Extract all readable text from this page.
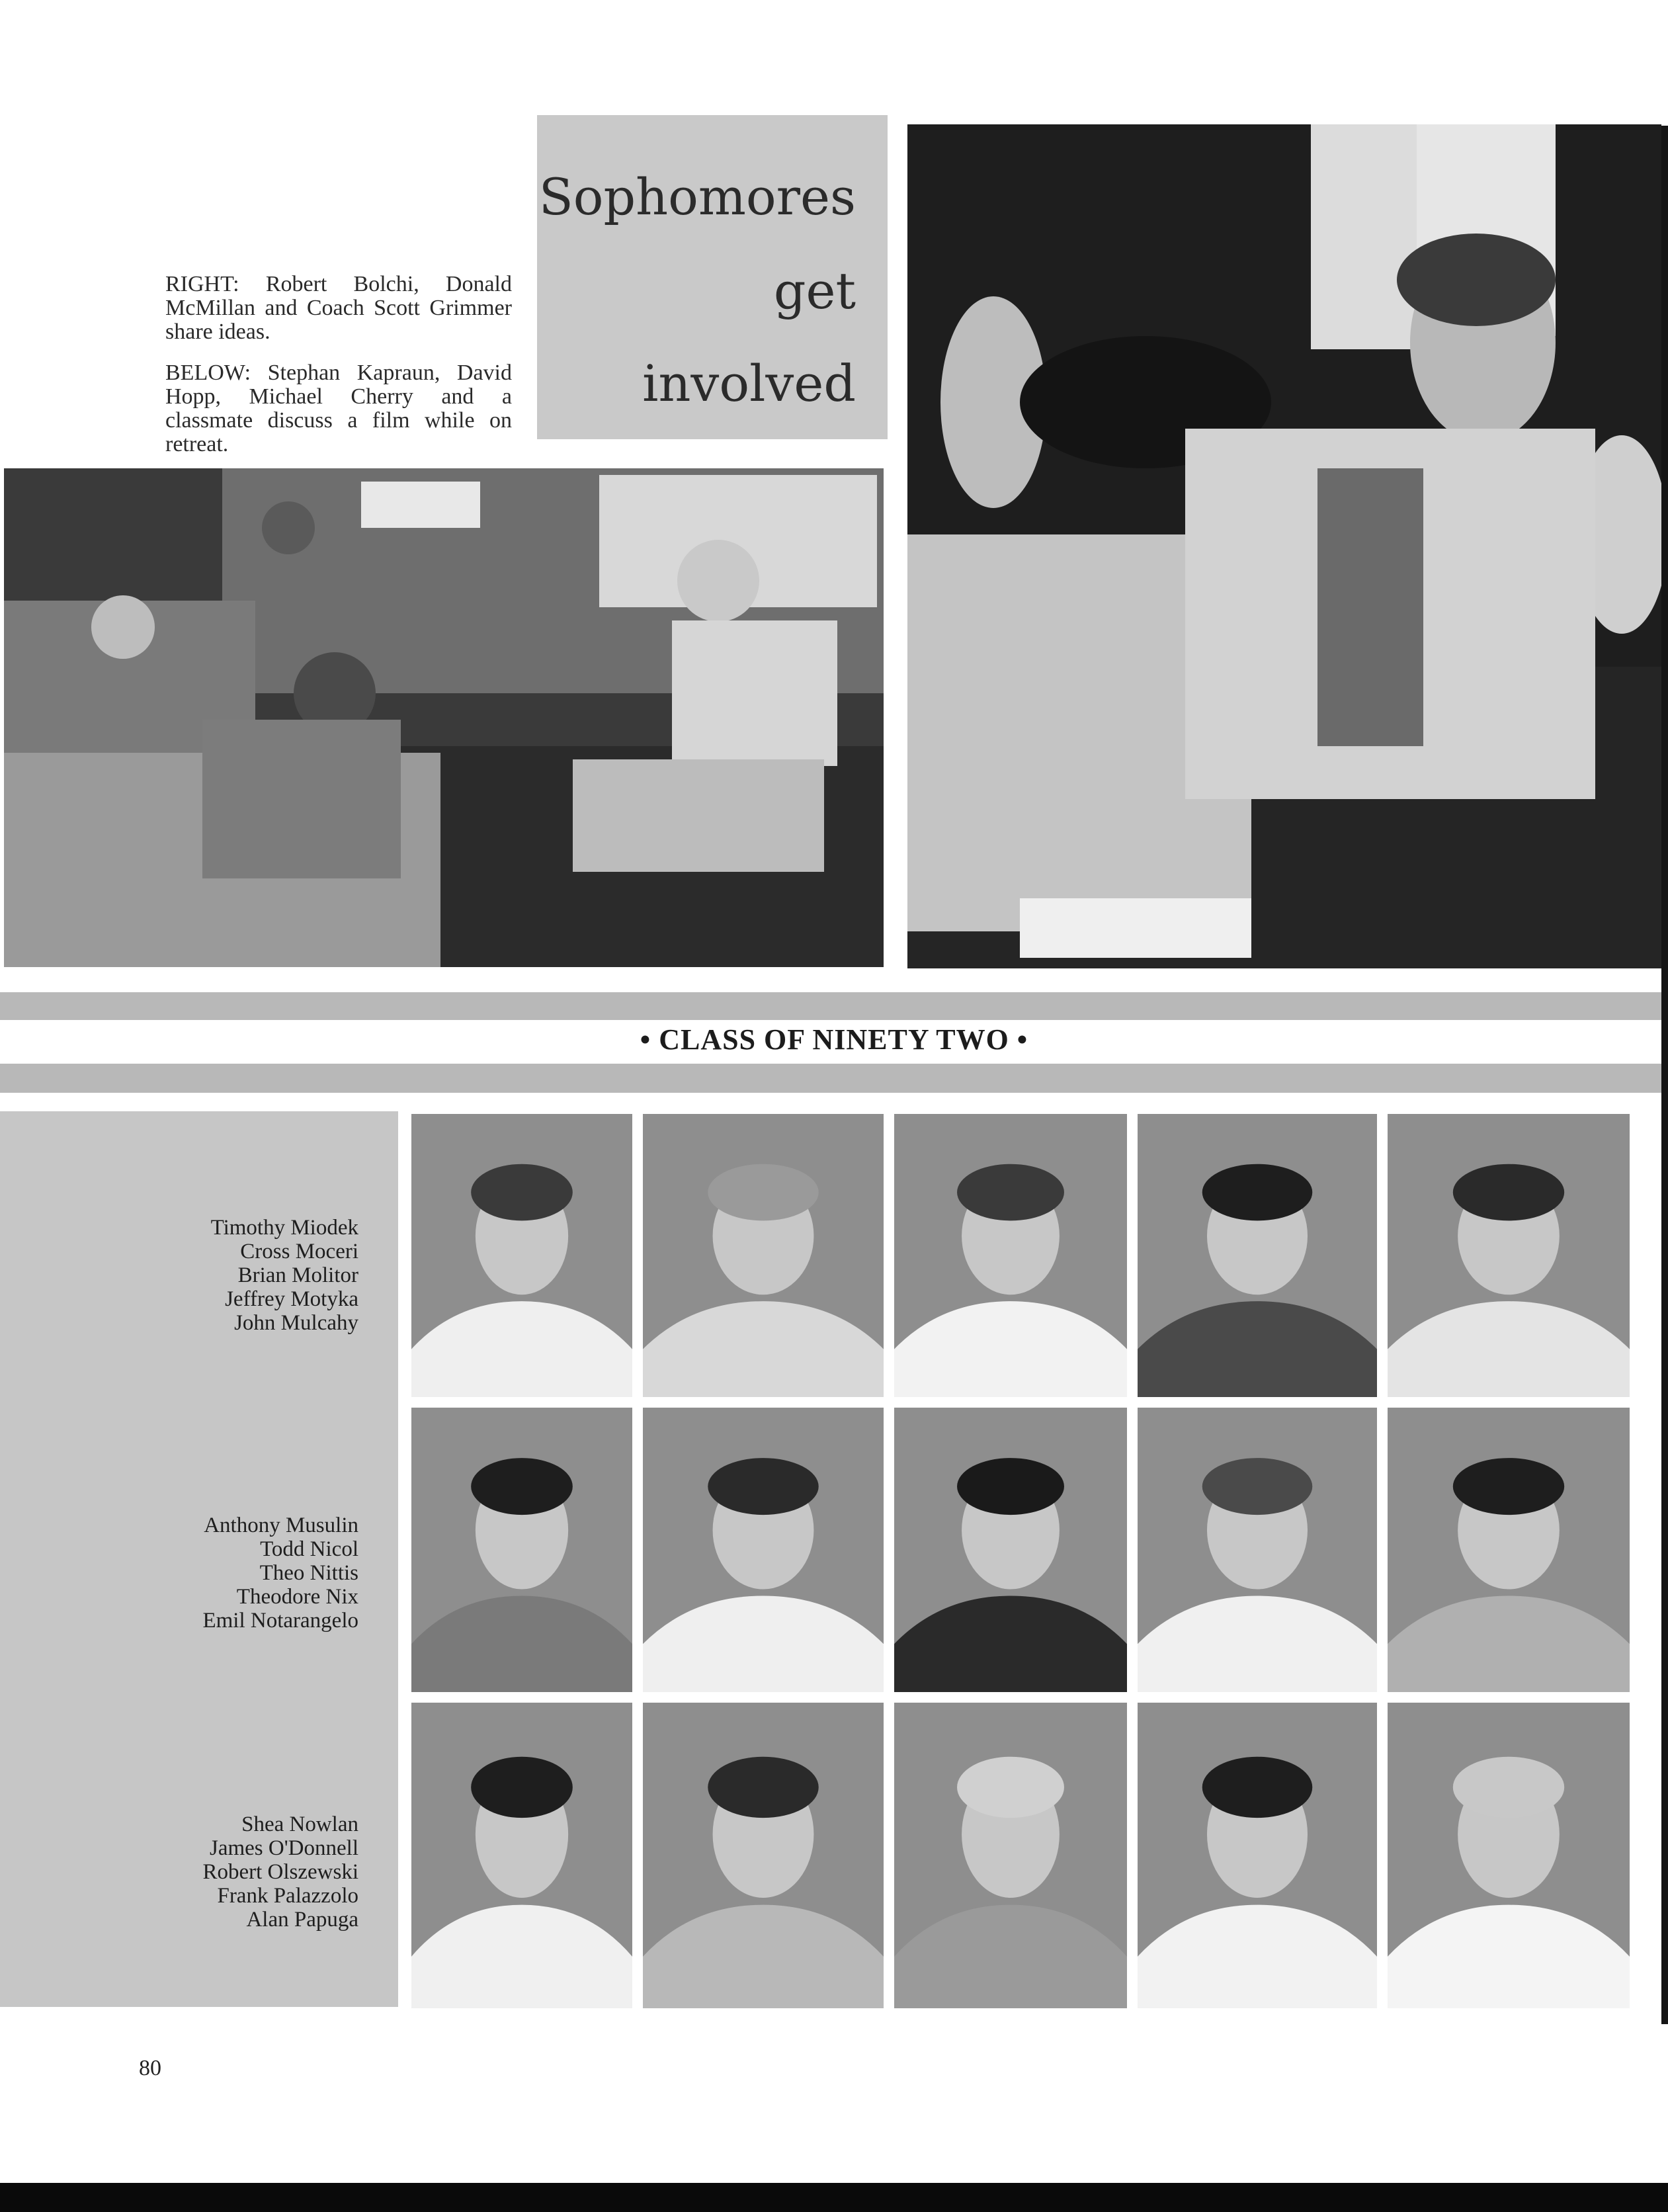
RIGHT: Robert Bolchi, Donald McMillan and Coach Scott Grimmer share ideas.

BELOW: Stephan Kapraun, David Hopp, Michael Cherry and a classmate discuss a film while on retreat.

Sophomores
get
involved
• CLASS OF NINETY TWO •
Timothy Miodek
Cross Moceri
Brian Molitor
Jeffrey Motyka
John Mulcahy
Anthony Musulin
Todd Nicol
Theo Nittis
Theodore Nix
Emil Notarangelo
Shea Nowlan
James O'Donnell
Robert Olszewski
Frank Palazzolo
Alan Papuga
80
